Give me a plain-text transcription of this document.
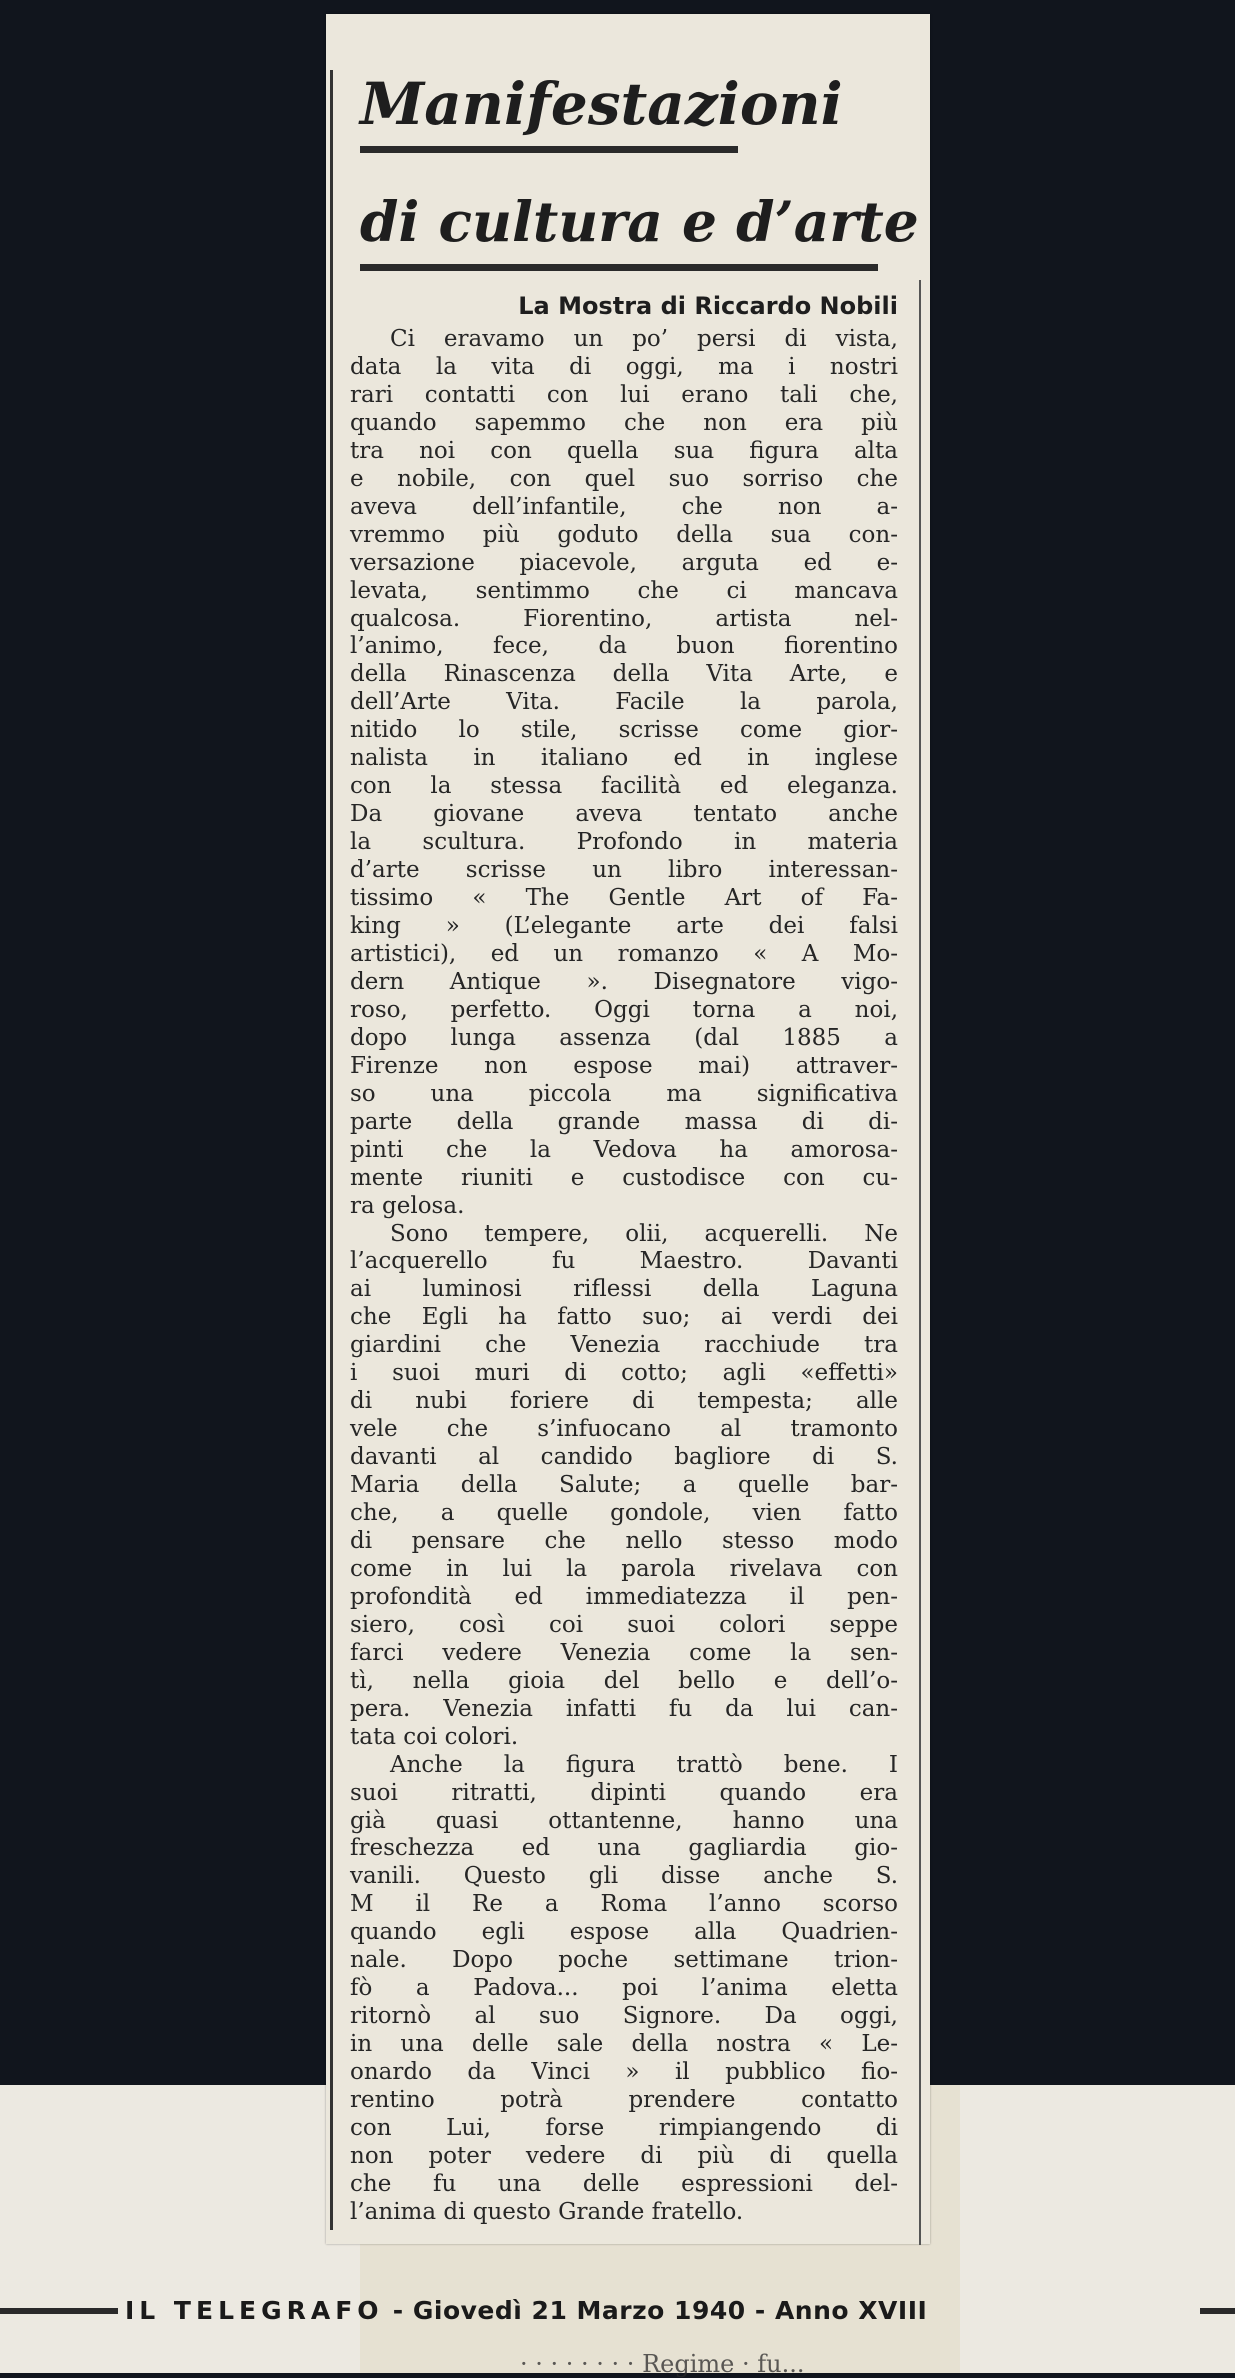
Manifestazioni
di cultura e d’arte
La Mostra di Riccardo Nobili

Ci eravamo un po’ persi di vista,
data la vita di oggi, ma i nostri
rari contatti con lui erano tali che,
quando sapemmo che non era più
tra noi con quella sua figura alta
e nobile, con quel suo sorriso che
aveva dell’infantile, che non a-
vremmo più goduto della sua con-
versazione piacevole, arguta ed e-
levata, sentimmo che ci mancava
qualcosa. Fiorentino, artista nel-
l’animo, fece, da buon fiorentino
della Rinascenza della Vita Arte, e
dell’Arte Vita. Facile la parola,
nitido lo stile, scrisse come gior-
nalista in italiano ed in inglese
con la stessa facilità ed eleganza.
Da giovane aveva tentato anche
la scultura. Profondo in materia
d’arte scrisse un libro interessan-
tissimo « The Gentle Art of Fa-
king » (L’elegante arte dei falsi
artistici), ed un romanzo « A Mo-
dern Antique ». Disegnatore vigo-
roso, perfetto. Oggi torna a noi,
dopo lunga assenza (dal 1885 a
Firenze non espose mai) attraver-
so una piccola ma significativa
parte della grande massa di di-
pinti che la Vedova ha amorosa-
mente riuniti e custodisce con cu-
ra gelosa.

Sono tempere, olii, acquerelli. Ne
l’acquerello fu Maestro. Davanti
ai luminosi riflessi della Laguna
che Egli ha fatto suo; ai verdi dei
giardini che Venezia racchiude tra
i suoi muri di cotto; agli «effetti»
di nubi foriere di tempesta; alle
vele che s’infuocano al tramonto
davanti al candido bagliore di S.
Maria della Salute; a quelle bar-
che, a quelle gondole, vien fatto
di pensare che nello stesso modo
come in lui la parola rivelava con
profondità ed immediatezza il pen-
siero, così coi suoi colori seppe
farci vedere Venezia come la sen-
tì, nella gioia del bello e dell’o-
pera. Venezia infatti fu da lui can-
tata coi colori.

Anche la figura trattò bene. I
suoi ritratti, dipinti quando era
già quasi ottantenne, hanno una
freschezza ed una gagliardia gio-
vanili. Questo gli disse anche S.
M il Re a Roma l’anno scorso
quando egli espose alla Quadrien-
nale. Dopo poche settimane trion-
fò a Padova... poi l’anima eletta
ritornò al suo Signore. Da oggi,
in una delle sale della nostra « Le-
onardo da Vinci » il pubblico fio-
rentino potrà prendere contatto
con Lui, forse rimpiangendo di
non poter vedere di più di quella
che fu una delle espressioni del-
l’anima di questo Grande fratello.

IL TELEGRAFO - Giovedì 21 Marzo 1940 - Anno XVIII

· · · · · · · · Regime · fu...
